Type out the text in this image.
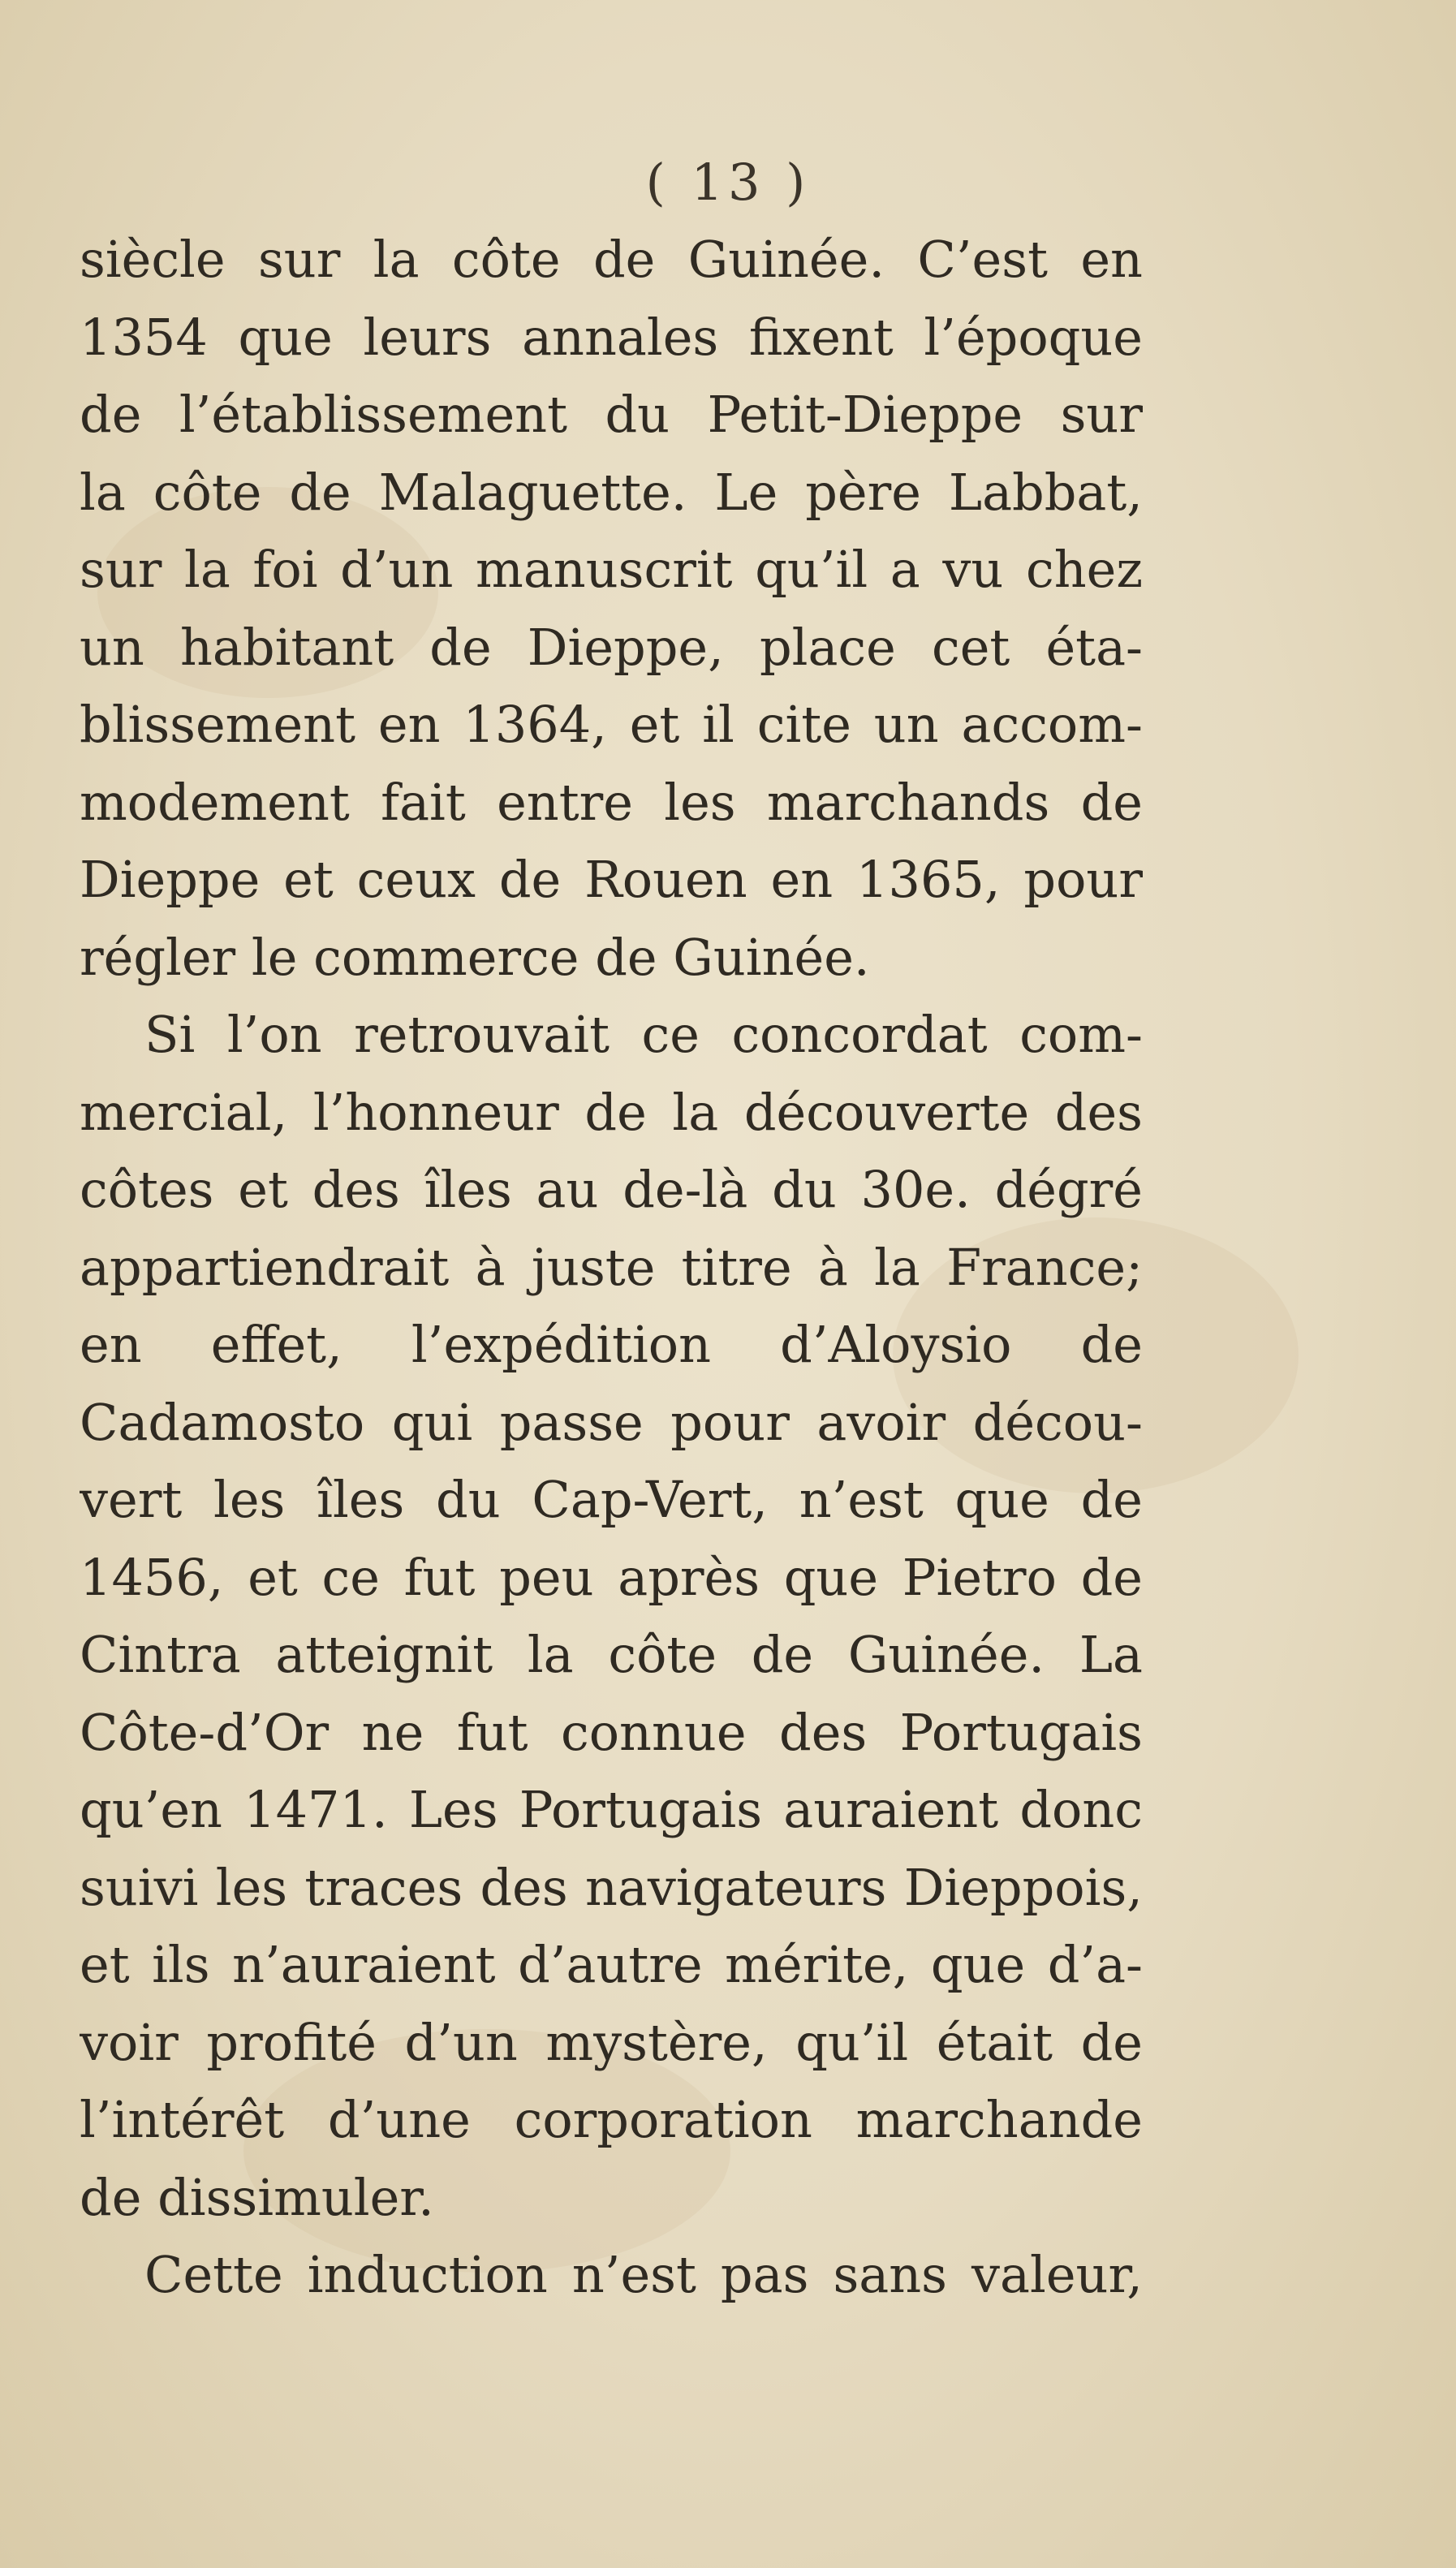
( 13 )
siècle sur la côte de Guinée. C’est en
1354 que leurs annales fixent l’époque
de l’établissement du Petit-Dieppe sur
la côte de Malaguette. Le père Labbat,
sur la foi d’un manuscrit qu’il a vu chez
un habitant de Dieppe, place cet éta-
blissement en 1364, et il cite un accom-
modement fait entre les marchands de
Dieppe et ceux de Rouen en 1365, pour
régler le commerce de Guinée.
Si l’on retrouvait ce concordat com-
mercial, l’honneur de la découverte des
côtes et des îles au de-là du 30e. dégré
appartiendrait à juste titre à la France;
en effet, l’expédition d’Aloysio de
Cadamosto qui passe pour avoir décou-
vert les îles du Cap-Vert, n’est que de
1456, et ce fut peu après que Pietro de
Cintra atteignit la côte de Guinée. La
Côte-d’Or ne fut connue des Portugais
qu’en 1471. Les Portugais auraient donc
suivi les traces des navigateurs Dieppois,
et ils n’auraient d’autre mérite, que d’a-
voir profité d’un mystère, qu’il était de
l’intérêt d’une corporation marchande
de dissimuler.
Cette induction n’est pas sans valeur,
